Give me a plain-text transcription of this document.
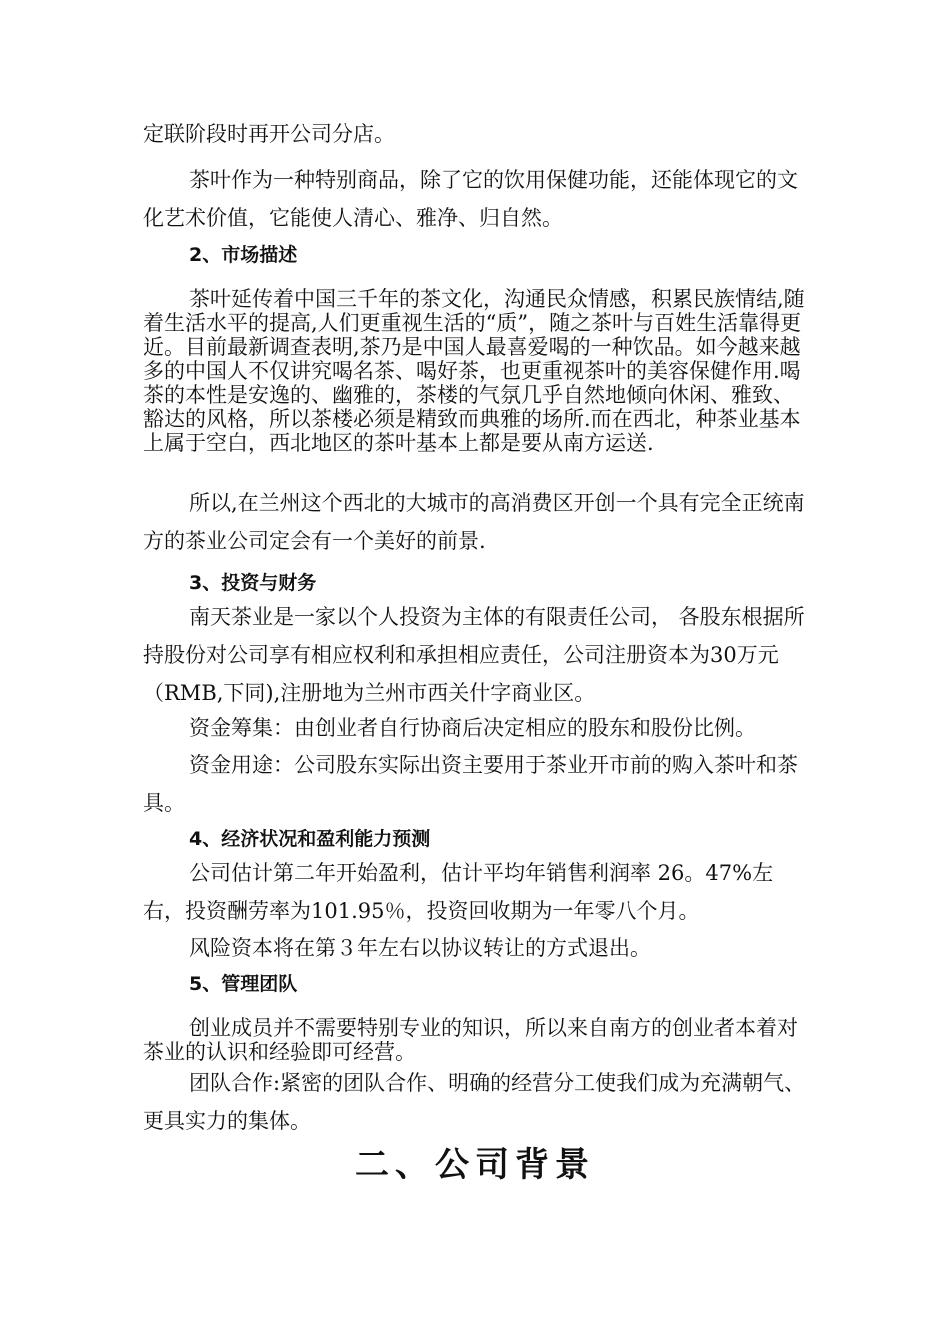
定联阶段时再开公司分店。

茶叶作为一种特别商品，除了它的饮用保健功能，还能体现它的文化艺术价值，它能使人清心、雅净、归自然。

2、市场描述

茶叶延传着中国三千年的茶文化，沟通民众情感，积累民族情结,随着生活水平的提高,人们更重视生活的“质”，随之茶叶与百姓生活靠得更近。目前最新调查表明,茶乃是中国人最喜爱喝的一种饮品。如今越来越多的中国人不仅讲究喝名茶、喝好茶，也更重视茶叶的美容保健作用.喝茶的本性是安逸的、幽雅的，茶楼的气氛几乎自然地倾向休闲、雅致、豁达的风格，所以茶楼必须是精致而典雅的场所.而在西北，种茶业基本上属于空白，西北地区的茶叶基本上都是要从南方运送.

所以,在兰州这个西北的大城市的高消费区开创一个具有完全正统南方的茶业公司定会有一个美好的前景.

3、投资与财务

南天茶业是一家以个人投资为主体的有限责任公司， 各股东根据所持股份对公司享有相应权利和承担相应责任，公司注册资本为30万元（RMB,下同),注册地为兰州市西关什字商业区。

资金筹集：由创业者自行协商后决定相应的股东和股份比例。

资金用途：公司股东实际出资主要用于茶业开市前的购入茶叶和茶具。

4、经济状况和盈利能力预测

公司估计第二年开始盈利，估计平均年销售利润率 26。47%左右，投资酬劳率为101.95％，投资回收期为一年零八个月。

风险资本将在第３年左右以协议转让的方式退出。

5、管理团队

创业成员并不需要特别专业的知识，所以来自南方的创业者本着对茶业的认识和经验即可经营。

团队合作:紧密的团队合作、明确的经营分工使我们成为充满朝气、更具实力的集体。

二、公司背景
